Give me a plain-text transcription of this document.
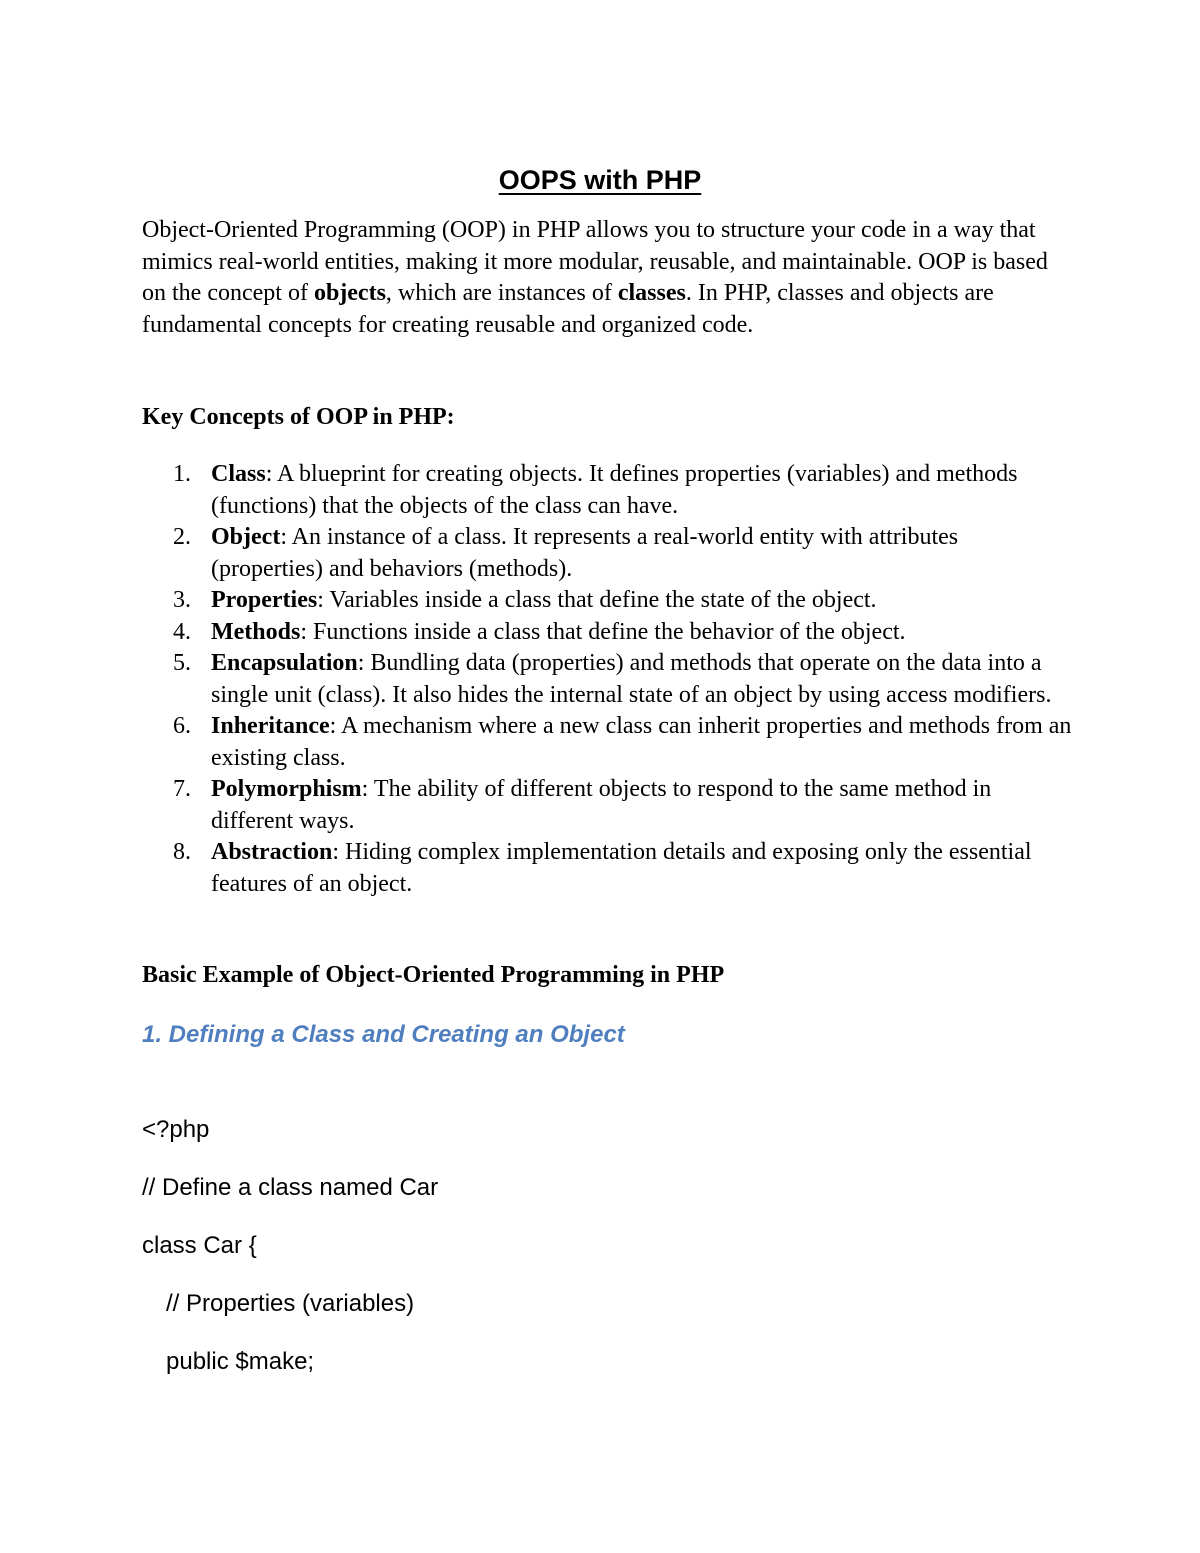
OOPS with PHP

Object-Oriented Programming (OOP) in PHP allows you to structure your code in a way that mimics real-world entities, making it more modular, reusable, and maintainable. OOP is based on the concept of objects, which are instances of classes. In PHP, classes and objects are fundamental concepts for creating reusable and organized code.

Key Concepts of OOP in PHP:
1. Class: A blueprint for creating objects. It defines properties (variables) and methods (functions) that the objects of the class can have.
2. Object: An instance of a class. It represents a real-world entity with attributes (properties) and behaviors (methods).
3. Properties: Variables inside a class that define the state of the object.
4. Methods: Functions inside a class that define the behavior of the object.
5. Encapsulation: Bundling data (properties) and methods that operate on the data into a single unit (class). It also hides the internal state of an object by using access modifiers.
6. Inheritance: A mechanism where a new class can inherit properties and methods from an existing class.
7. Polymorphism: The ability of different objects to respond to the same method in different ways.
8. Abstraction: Hiding complex implementation details and exposing only the essential features of an object.
Basic Example of Object-Oriented Programming in PHP
1. Defining a Class and Creating an Object
<?php
// Define a class named Car
class Car {
// Properties (variables)
public $make;
